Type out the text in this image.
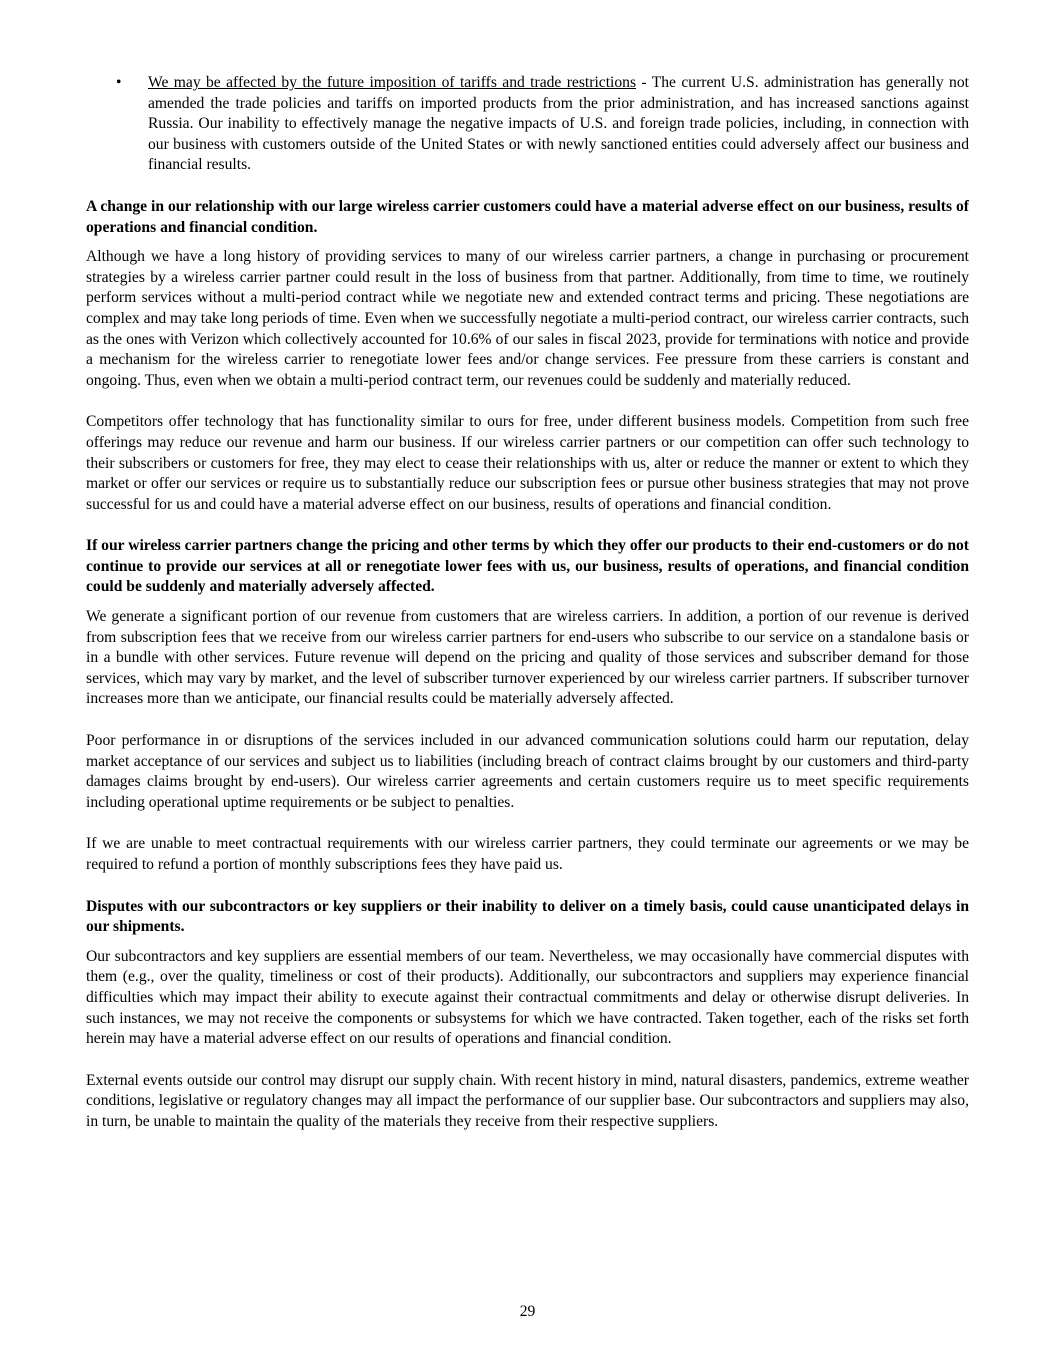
• We may be affected by the future imposition of tariffs and trade restrictions - The current U.S. administration has generally not amended the trade policies and tariffs on imported products from the prior administration, and has increased sanctions against Russia. Our inability to effectively manage the negative impacts of U.S. and foreign trade policies, including, in connection with our business with customers outside of the United States or with newly sanctioned entities could adversely affect our business and financial results.

A change in our relationship with our large wireless carrier customers could have a material adverse effect on our business, results of operations and financial condition.

Although we have a long history of providing services to many of our wireless carrier partners, a change in purchasing or procurement strategies by a wireless carrier partner could result in the loss of business from that partner. Additionally, from time to time, we routinely perform services without a multi-period contract while we negotiate new and extended contract terms and pricing. These negotiations are complex and may take long periods of time. Even when we successfully negotiate a multi-period contract, our wireless carrier contracts, such as the ones with Verizon which collectively accounted for 10.6% of our sales in fiscal 2023, provide for terminations with notice and provide a mechanism for the wireless carrier to renegotiate lower fees and/or change services. Fee pressure from these carriers is constant and ongoing. Thus, even when we obtain a multi-period contract term, our revenues could be suddenly and materially reduced.

Competitors offer technology that has functionality similar to ours for free, under different business models. Competition from such free offerings may reduce our revenue and harm our business. If our wireless carrier partners or our competition can offer such technology to their subscribers or customers for free, they may elect to cease their relationships with us, alter or reduce the manner or extent to which they market or offer our services or require us to substantially reduce our subscription fees or pursue other business strategies that may not prove successful for us and could have a material adverse effect on our business, results of operations and financial condition.

If our wireless carrier partners change the pricing and other terms by which they offer our products to their end-customers or do not continue to provide our services at all or renegotiate lower fees with us, our business, results of operations, and financial condition could be suddenly and materially adversely affected.

We generate a significant portion of our revenue from customers that are wireless carriers. In addition, a portion of our revenue is derived from subscription fees that we receive from our wireless carrier partners for end-users who subscribe to our service on a standalone basis or in a bundle with other services. Future revenue will depend on the pricing and quality of those services and subscriber demand for those services, which may vary by market, and the level of subscriber turnover experienced by our wireless carrier partners. If subscriber turnover increases more than we anticipate, our financial results could be materially adversely affected.

Poor performance in or disruptions of the services included in our advanced communication solutions could harm our reputation, delay market acceptance of our services and subject us to liabilities (including breach of contract claims brought by our customers and third-party damages claims brought by end-users). Our wireless carrier agreements and certain customers require us to meet specific requirements including operational uptime requirements or be subject to penalties.

If we are unable to meet contractual requirements with our wireless carrier partners, they could terminate our agreements or we may be required to refund a portion of monthly subscriptions fees they have paid us.

Disputes with our subcontractors or key suppliers or their inability to deliver on a timely basis, could cause unanticipated delays in our shipments.

Our subcontractors and key suppliers are essential members of our team. Nevertheless, we may occasionally have commercial disputes with them (e.g., over the quality, timeliness or cost of their products). Additionally, our subcontractors and suppliers may experience financial difficulties which may impact their ability to execute against their contractual commitments and delay or otherwise disrupt deliveries. In such instances, we may not receive the components or subsystems for which we have contracted. Taken together, each of the risks set forth herein may have a material adverse effect on our results of operations and financial condition.

External events outside our control may disrupt our supply chain. With recent history in mind, natural disasters, pandemics, extreme weather conditions, legislative or regulatory changes may all impact the performance of our supplier base. Our subcontractors and suppliers may also, in turn, be unable to maintain the quality of the materials they receive from their respective suppliers.

29
